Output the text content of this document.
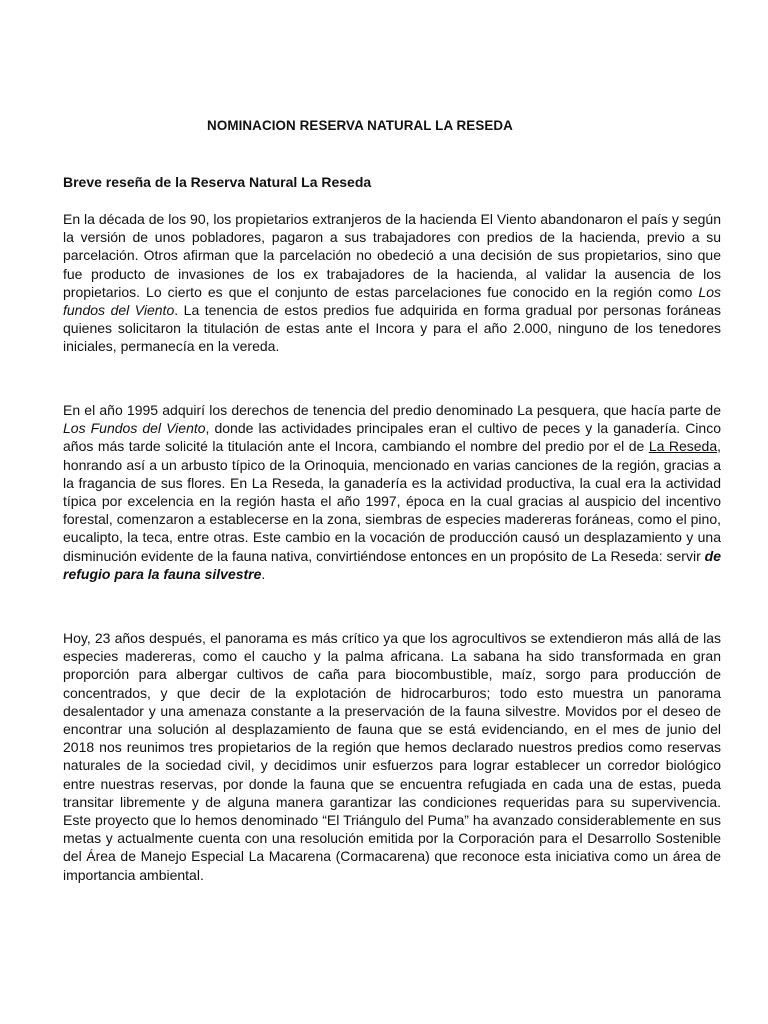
NOMINACION RESERVA NATURAL LA RESEDA
Breve reseña de la Reserva Natural La Reseda

En la década de los 90, los propietarios extranjeros de la hacienda El Viento abandonaron el país y según la versión de unos pobladores, pagaron a sus trabajadores con predios de la hacienda, previo a su parcelación. Otros afirman que la parcelación no obedeció a una decisión de sus propietarios, sino que fue producto de invasiones de los ex trabajadores de la hacienda, al validar la ausencia de los propietarios. Lo cierto es que el conjunto de estas parcelaciones fue conocido en la región como Los fundos del Viento. La tenencia de estos predios fue adquirida en forma gradual por personas foráneas quienes solicitaron la titulación de estas ante el Incora y para el año 2.000, ninguno de los tenedores iniciales, permanecía en la vereda.

En el año 1995 adquirí los derechos de tenencia del predio denominado La pesquera, que hacía parte de Los Fundos del Viento, donde las actividades principales eran el cultivo de peces y la ganadería. Cinco años más tarde solicité la titulación ante el Incora, cambiando el nombre del predio por el de La Reseda, honrando así a un arbusto típico de la Orinoquia, mencionado en varias canciones de la región, gracias a la fragancia de sus flores. En La Reseda, la ganadería es la actividad productiva, la cual era la actividad típica por excelencia en la región hasta el año 1997, época en la cual gracias al auspicio del incentivo forestal, comenzaron a establecerse en la zona, siembras de especies madereras foráneas, como el pino, eucalipto, la teca, entre otras. Este cambio en la vocación de producción causó un desplazamiento y una disminución evidente de la fauna nativa, convirtiéndose entonces en un propósito de La Reseda: servir de refugio para la fauna silvestre.

Hoy, 23 años después, el panorama es más crítico ya que los agrocultivos se extendieron más allá de las especies madereras, como el caucho y la palma africana. La sabana ha sido transformada en gran proporción para albergar cultivos de caña para biocombustible, maíz, sorgo para producción de concentrados, y que decir de la explotación de hidrocarburos; todo esto muestra un panorama desalentador y una amenaza constante a la preservación de la fauna silvestre. Movidos por el deseo de encontrar una solución al desplazamiento de fauna que se está evidenciando, en el mes de junio del 2018 nos reunimos tres propietarios de la región que hemos declarado nuestros predios como reservas naturales de la sociedad civil, y decidimos unir esfuerzos para lograr establecer un corredor biológico entre nuestras reservas, por donde la fauna que se encuentra refugiada en cada una de estas, pueda transitar libremente y de alguna manera garantizar las condiciones requeridas para su supervivencia. Este proyecto que lo hemos denominado “El Triángulo del Puma” ha avanzado considerablemente en sus metas y actualmente cuenta con una resolución emitida por la Corporación para el Desarrollo Sostenible del Área de Manejo Especial La Macarena (Cormacarena) que reconoce esta iniciativa como un área de importancia ambiental.
